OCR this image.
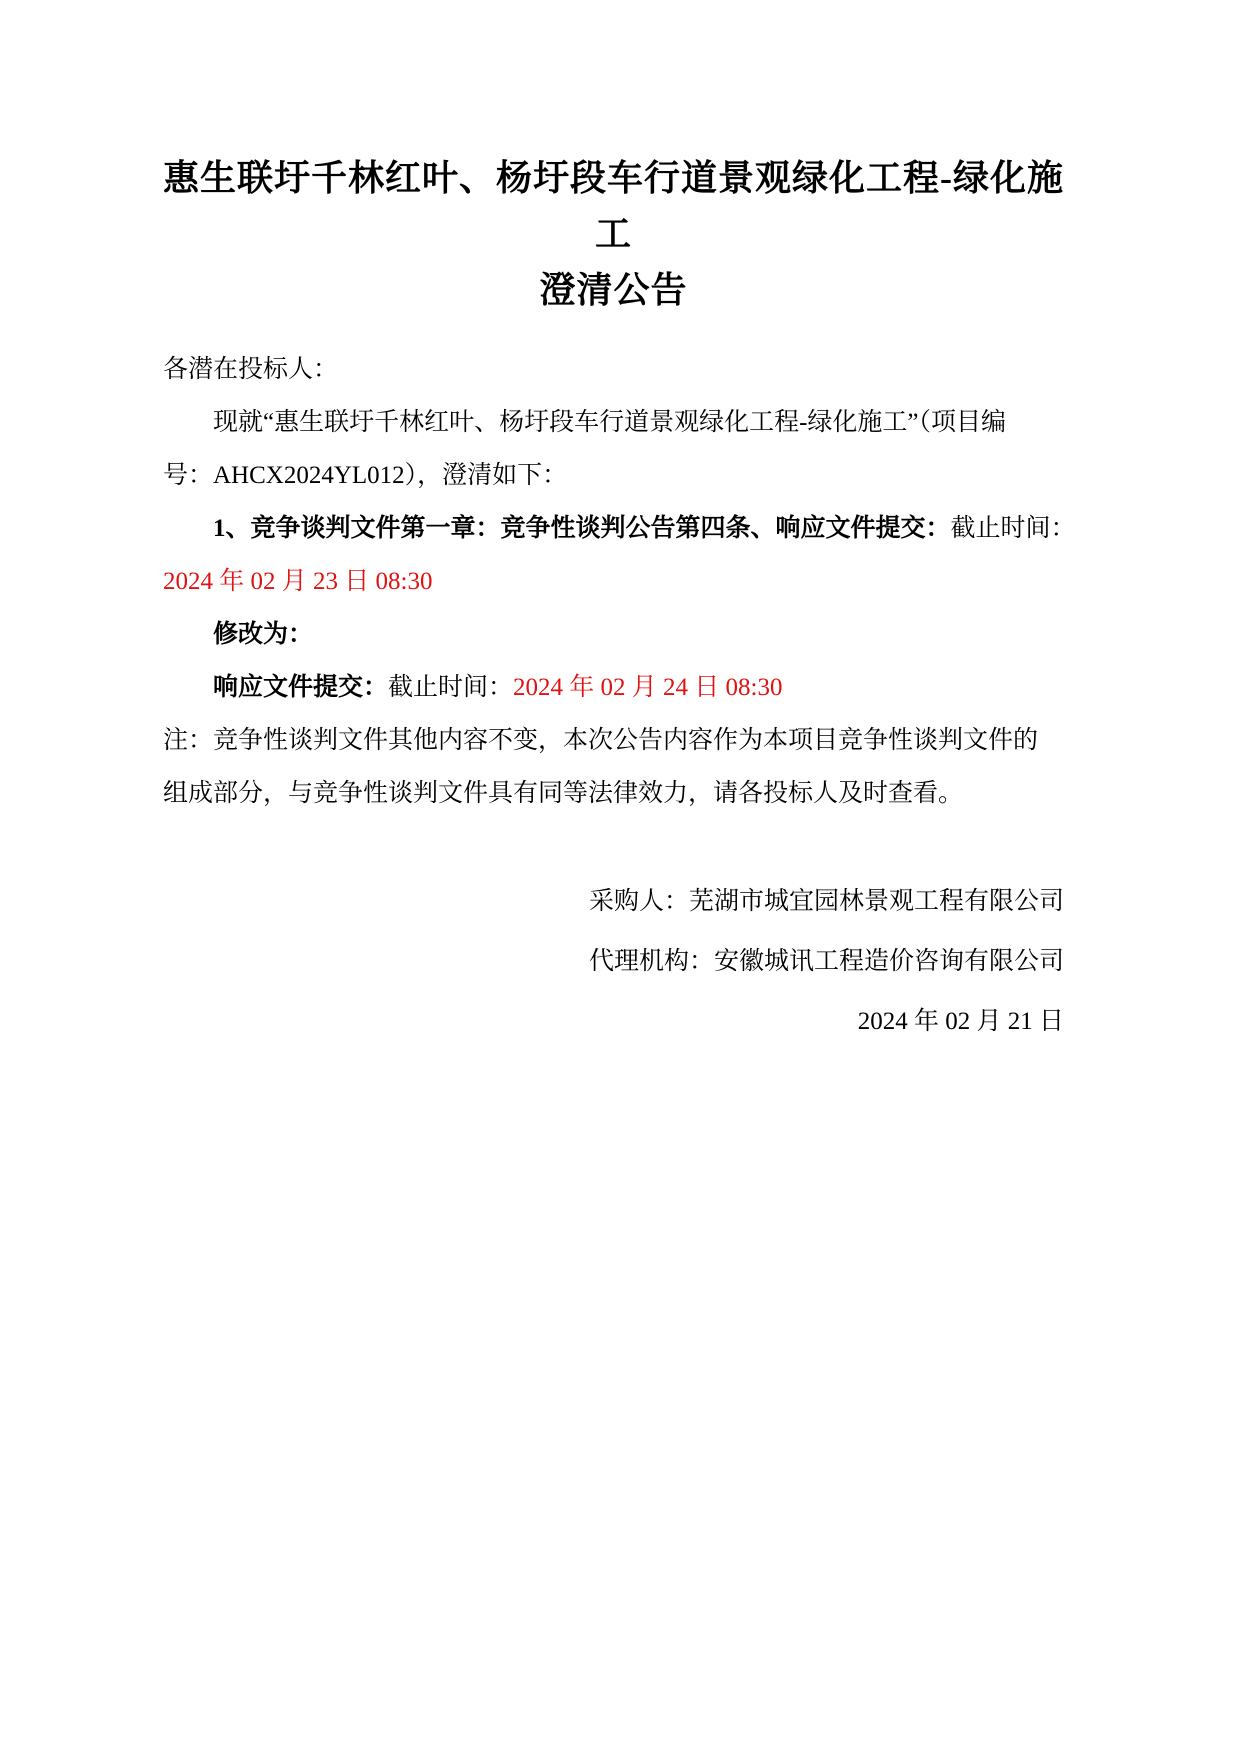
惠生联圩千林红叶、杨圩段车行道景观绿化工程-绿化施工
澄清公告

各潜在投标人：

现就“惠生联圩千林红叶、杨圩段车行道景观绿化工程-绿化施工”（项目编

号：AHCX2024YL012），澄清如下：

1、竞争谈判文件第一章：竞争性谈判公告第四条、响应文件提交：截止时间：

2024 年 02 月 23 日 08:30

修改为：

响应文件提交：截止时间：2024 年 02 月 24 日 08:30

注：竞争性谈判文件其他内容不变，本次公告内容作为本项目竞争性谈判文件的

组成部分，与竞争性谈判文件具有同等法律效力，请各投标人及时查看。

采购人：芜湖市城宜园林景观工程有限公司

代理机构：安徽城讯工程造价咨询有限公司

2024 年 02 月 21 日
